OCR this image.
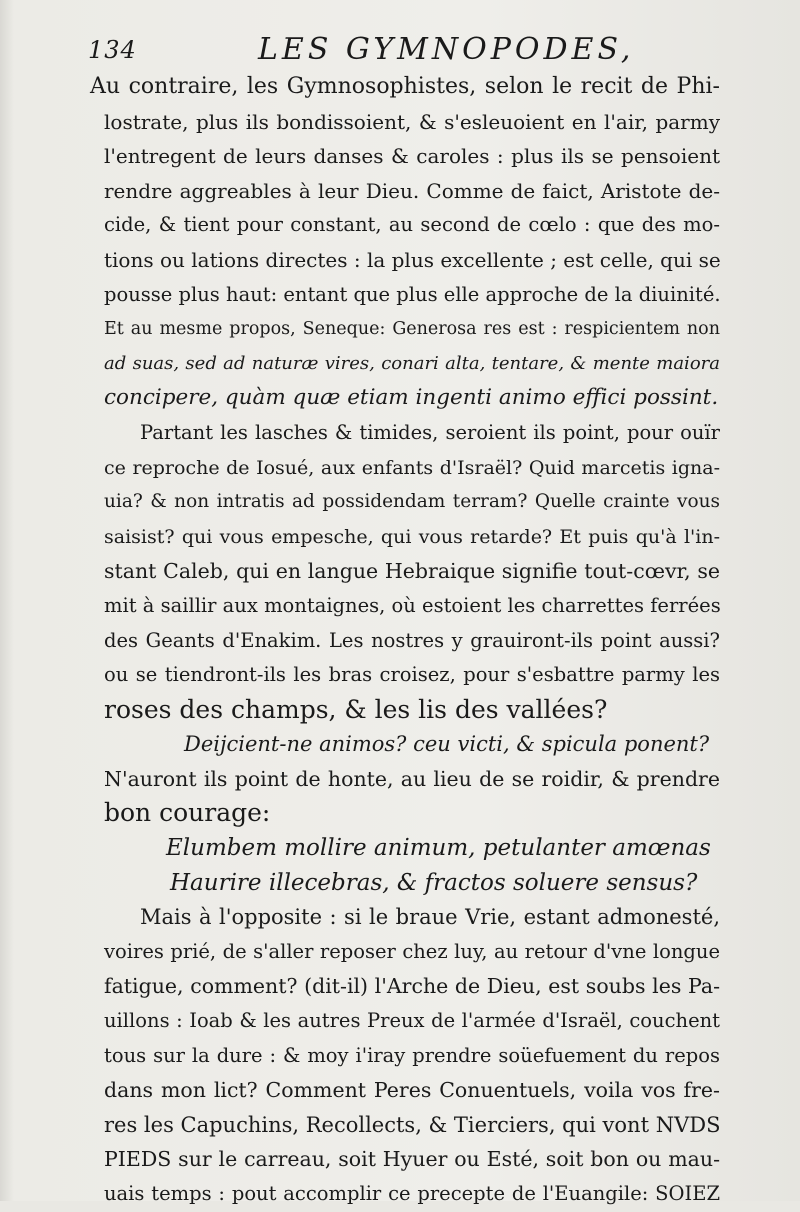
134	LES GYMNOPODES,
Au contraire, les Gymnosophistes, selon le recit de Phi-
lostrate, plus ils bondissoient, & s'esleuoient en l'air, parmy
l'entregent de leurs danses & caroles : plus ils se pensoient
rendre aggreables à leur Dieu. Comme de faict, Aristote de-
cide, & tient pour constant, au second de cœlo : que des mo-
tions ou lations directes : la plus excellente ; est celle, qui se
pousse plus haut: entant que plus elle approche de la diuinité.
Et au mesme propos, Seneque: Generosa res est : respicientem non
ad suas, sed ad naturæ vires, conari alta, tentare, & mente maiora
concipere, quàm quæ etiam ingenti animo effici possint.
Partant les lasches & timides, seroient ils point, pour ouïr
ce reproche de Iosué, aux enfants d'Israël? Quid marcetis igna-
uia? & non intratis ad possidendam terram? Quelle crainte vous
saisist? qui vous empesche, qui vous retarde? Et puis qu'à l'in-
stant Caleb, qui en langue Hebraique signifie tout-cœvr, se
mit à saillir aux montaignes, où estoient les charrettes ferrées
des Geants d'Enakim. Les nostres y grauiront-ils point aussi?
ou se tiendront-ils les bras croisez, pour s'esbattre parmy les
roses des champs, & les lis des vallées?
Deijcient-ne animos? ceu victi, & spicula ponent?
N'auront ils point de honte, au lieu de se roidir, & prendre
bon courage:
Elumbem mollire animum, petulanter amœnas
Haurire illecebras, & fractos soluere sensus?
Mais à l'opposite : si le braue Vrie, estant admonesté,
voires prié, de s'aller reposer chez luy, au retour d'vne longue
fatigue, comment? (dit-il) l'Arche de Dieu, est soubs les Pa-
uillons : Ioab & les autres Preux de l'armée d'Israël, couchent
tous sur la dure : & moy i'iray prendre soüefuement du repos
dans mon lict? Comment Peres Conuentuels, voila vos fre-
res les Capuchins, Recollects, & Tierciers, qui vont NVDS
PIEDS sur le carreau, soit Hyuer ou Esté, soit bon ou mau-
uais temps : pout accomplir ce precepte de l'Euangile: SOIEZ
